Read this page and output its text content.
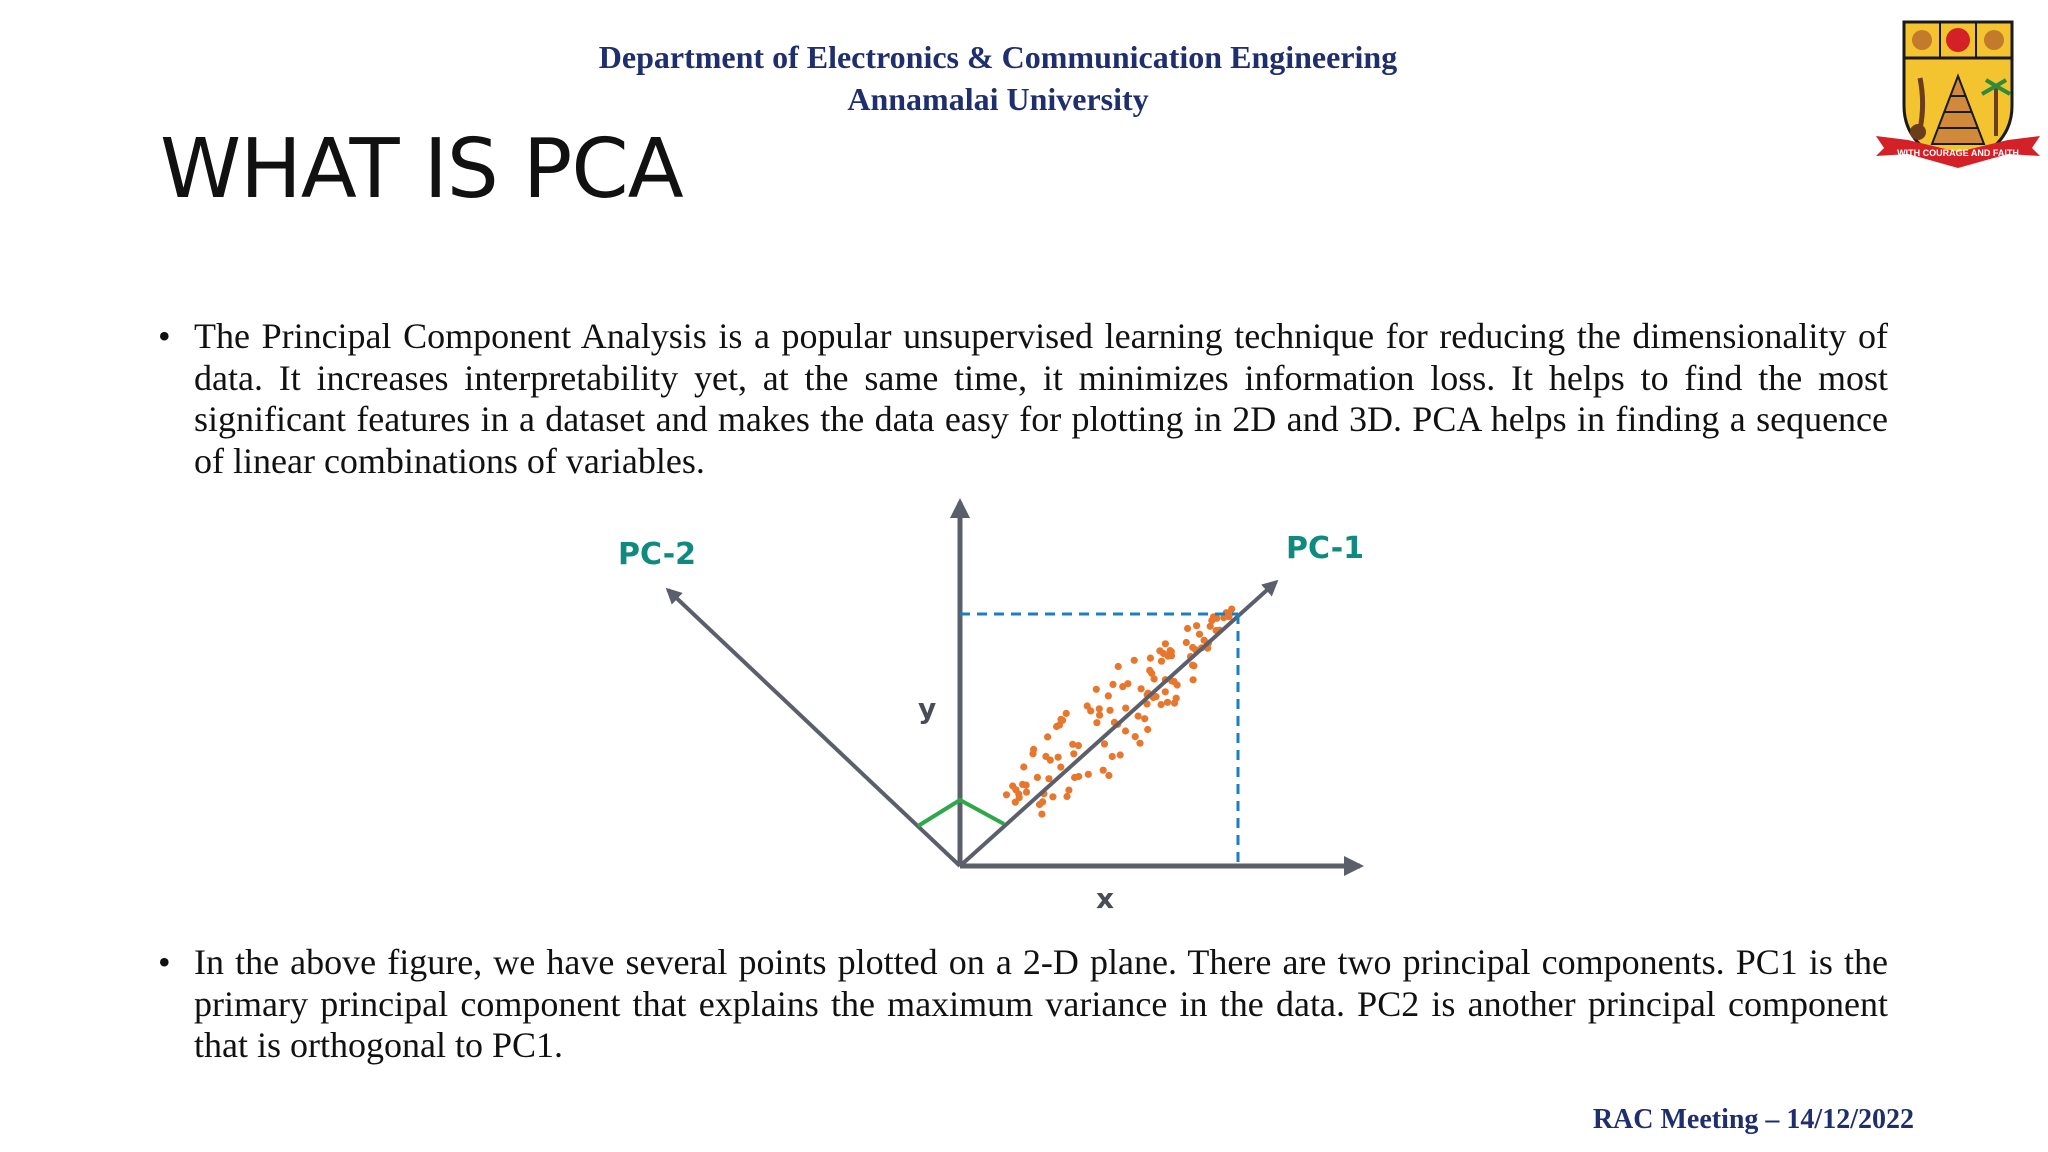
Department of Electronics & Communication Engineering
Annamalai University
WITH COURAGE AND FAITH
WHAT IS PCA
• The Principal Component Analysis is a popular unsupervised learning technique for reducing the dimensionality of data. It increases interpretability yet, at the same time, it minimizes information loss. It helps to find the most significant features in a dataset and makes the data easy for plotting in 2D and 3D. PCA helps in finding a sequence of linear combinations of variables.

PC-2	PC-1
y
x
• In the above figure, we have several points plotted on a 2-D plane. There are two principal components. PC1 is the primary principal component that explains the maximum variance in the data. PC2 is another principal component that is orthogonal to PC1.

RAC Meeting – 14/12/2022
